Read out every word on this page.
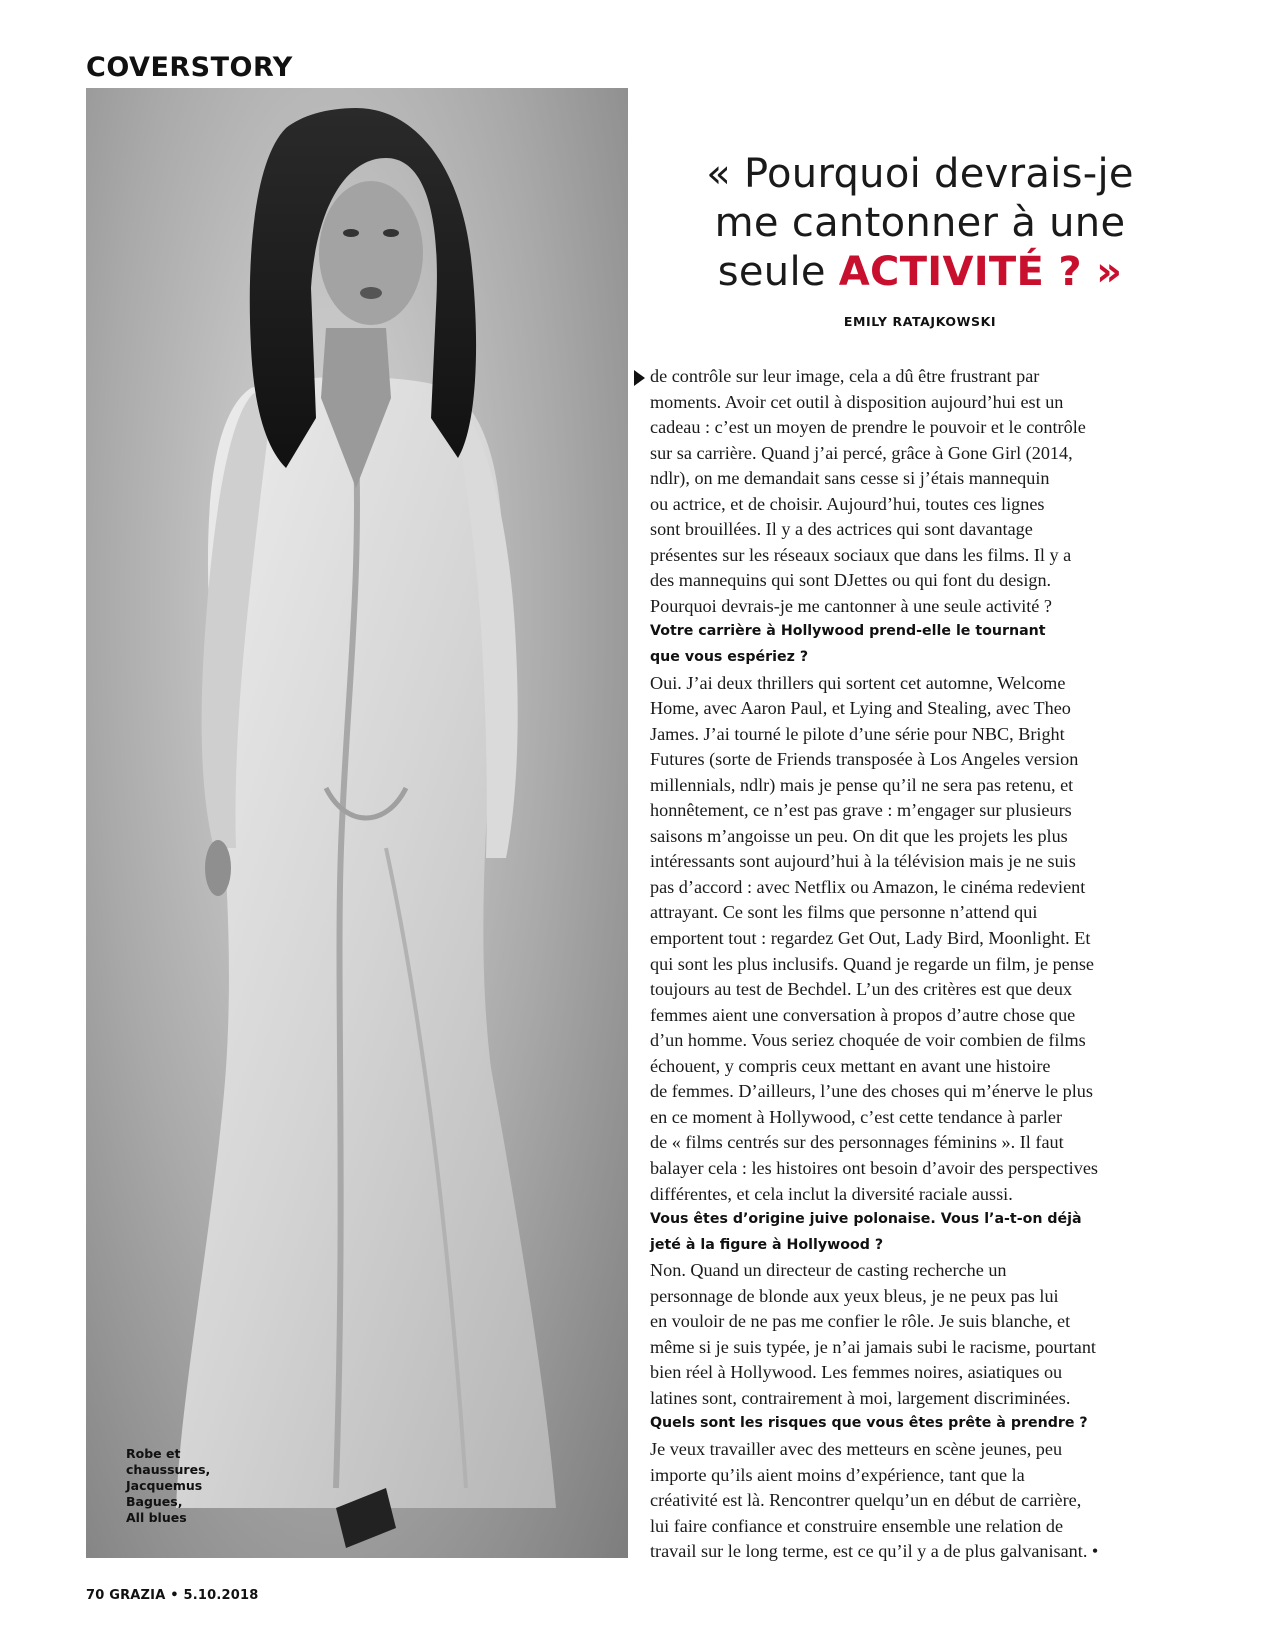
COVERSTORY
Robe et
chaussures,
Jacquemus
Bagues,
All blues
« Pourquoi devrais-je
me cantonner à une
seule ACTIVITÉ ? »
EMILY RATAJKOWSKI
de contrôle sur leur image, cela a dû être frustrant par
moments. Avoir cet outil à disposition aujourd’hui est un
cadeau : c’est un moyen de prendre le pouvoir et le contrôle
sur sa carrière. Quand j’ai percé, grâce à Gone Girl (2014,
ndlr), on me demandait sans cesse si j’étais mannequin
ou actrice, et de choisir. Aujourd’hui, toutes ces lignes
sont brouillées. Il y a des actrices qui sont davantage
présentes sur les réseaux sociaux que dans les films. Il y a
des mannequins qui sont DJettes ou qui font du design.
Pourquoi devrais-je me cantonner à une seule activité ?
Votre carrière à Hollywood prend-elle le tournant
que vous espériez ?
Oui. J’ai deux thrillers qui sortent cet automne, Welcome
Home, avec Aaron Paul, et Lying and Stealing, avec Theo
James. J’ai tourné le pilote d’une série pour NBC, Bright
Futures (sorte de Friends transposée à Los Angeles version
millennials, ndlr) mais je pense qu’il ne sera pas retenu, et
honnêtement, ce n’est pas grave : m’engager sur plusieurs
saisons m’angoisse un peu. On dit que les projets les plus
intéressants sont aujourd’hui à la télévision mais je ne suis
pas d’accord : avec Netflix ou Amazon, le cinéma redevient
attrayant. Ce sont les films que personne n’attend qui
emportent tout : regardez Get Out, Lady Bird, Moonlight. Et
qui sont les plus inclusifs. Quand je regarde un film, je pense
toujours au test de Bechdel. L’un des critères est que deux
femmes aient une conversation à propos d’autre chose que
d’un homme. Vous seriez choquée de voir combien de films
échouent, y compris ceux mettant en avant une histoire
de femmes. D’ailleurs, l’une des choses qui m’énerve le plus
en ce moment à Hollywood, c’est cette tendance à parler
de « films centrés sur des personnages féminins ». Il faut
balayer cela : les histoires ont besoin d’avoir des perspectives
différentes, et cela inclut la diversité raciale aussi.
Vous êtes d’origine juive polonaise. Vous l’a-t-on déjà
jeté à la figure à Hollywood ?
Non. Quand un directeur de casting recherche un
personnage de blonde aux yeux bleus, je ne peux pas lui
en vouloir de ne pas me confier le rôle. Je suis blanche, et
même si je suis typée, je n’ai jamais subi le racisme, pourtant
bien réel à Hollywood. Les femmes noires, asiatiques ou
latines sont, contrairement à moi, largement discriminées.
Quels sont les risques que vous êtes prête à prendre ?
Je veux travailler avec des metteurs en scène jeunes, peu
importe qu’ils aient moins d’expérience, tant que la
créativité est là. Rencontrer quelqu’un en début de carrière,
lui faire confiance et construire ensemble une relation de
travail sur le long terme, est ce qu’il y a de plus galvanisant. •
70 GRAZIA • 5.10.2018
